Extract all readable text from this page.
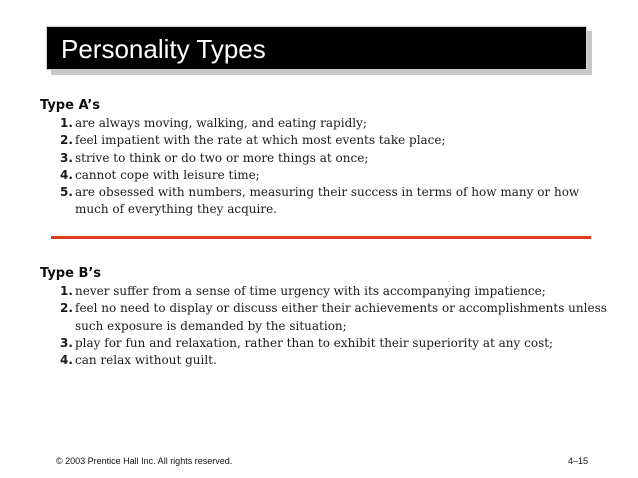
Personality Types
Type A’s
1. are always moving, walking, and eating rapidly;
2. feel impatient with the rate at which most events take place;
3. strive to think or do two or more things at once;
4. cannot cope with leisure time;
5. are obsessed with numbers, measuring their success in terms of how many or how much of everything they acquire.
Type B’s
1. never suffer from a sense of time urgency with its accompanying impatience;
2. feel no need to display or discuss either their achievements or accomplishments unless such exposure is demanded by the situation;
3. play for fun and relaxation, rather than to exhibit their superiority at any cost;
4. can relax without guilt.
© 2003 Prentice Hall Inc. All rights reserved.	4–15
